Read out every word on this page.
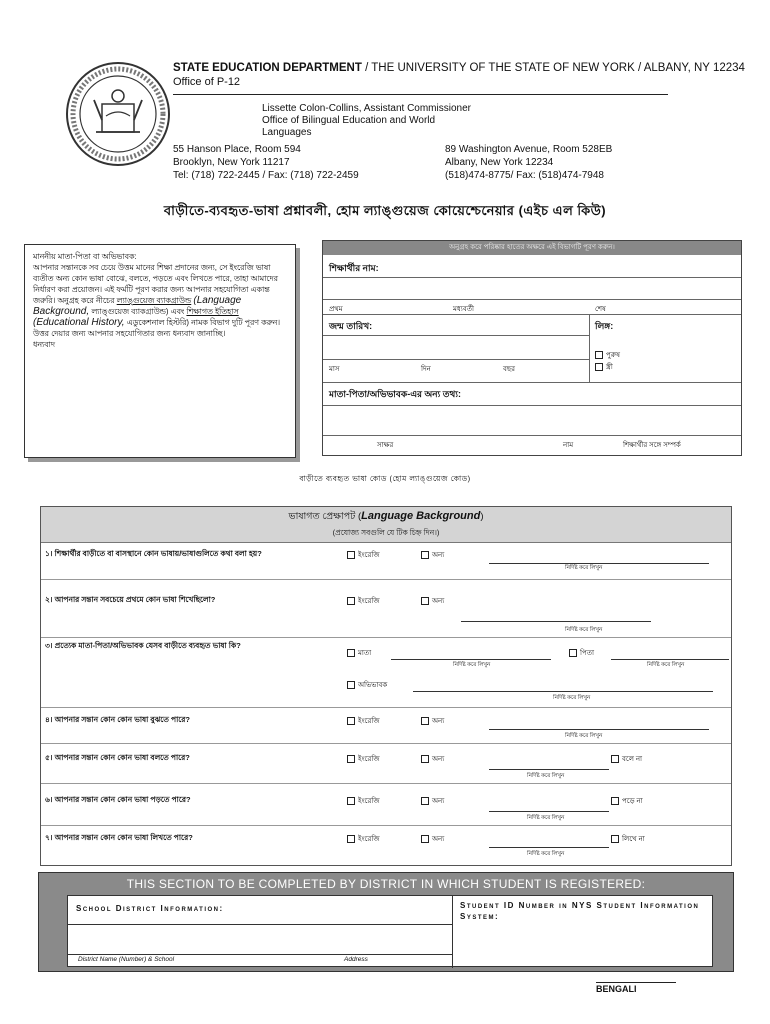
STATE EDUCATION DEPARTMENT / THE UNIVERSITY OF THE STATE OF NEW YORK / ALBANY, NY 12234
Office of P-12
Lissette Colon-Collins, Assistant Commissioner
Office of Bilingual Education and World
Languages
55 Hanson Place, Room 594
Brooklyn, New York 11217
Tel: (718) 722-2445 / Fax: (718) 722-2459
89 Washington Avenue, Room 528EB
Albany, New York 12234
(518)474-8775/ Fax: (518)474-7948
বাড়ীতে-ব্যবহৃত-ভাষা প্রশ্নাবলী, হোম ল্যাঙ্গুয়েজ কোয়েশ্চেনেয়ার (এইচ এল কিউ)
মাননীয় মাতা-পিতা বা অভিভাবক:
আপনার সন্তানকে সব চেয়ে উত্তম মানের শিক্ষা প্রদানের জন্য, সে ইংরেজি ভাষা ব্যতীত অন্য কোন ভাষা বোঝে, বলতে, পড়তে এবং লিখতে পারে, তাহা আমাদের নির্ধারণ করা প্রয়োজন। এই ফর্মটি পূরণ করার জন্য আপনার সহযোগিতা একান্ত জরুরি। অনুগ্রহ করে নীচের ল্যাঙ্গুয়েজ ব্যাকগ্রাউন্ড (Language Background, ল্যাঙ্গুয়েজ ব্যাকগ্রাউন্ড) এবং শিক্ষাগত ইতিহাস (Educational History, এডুকেশনাল হিস্টরি) নামক বিভাগ দুটি পূরণ করুন। উত্তর দেয়ার জন্য আপনার সহযোগিতার জন্য ধন্যবাদ জানাচ্ছি।
ধন্যবাদ
অনুগ্রহ করে পরিষ্কার হাতের অক্ষরে এই বিভাগটি পূরণ করুন।
শিক্ষার্থীর নাম:
প্রথম	মধ্যবর্তী	শেষ
জন্ম তারিখ:	লিঙ্গ:
মাস	দিন	বছর
পুরুষ
স্ত্রী
মাতা-পিতা/অভিভাবক-এর অন্য তথ্য:
সাক্ষর	নাম	শিক্ষার্থীর সঙ্গে সম্পর্ক
বাড়ীতে ব্যবহৃত ভাষা কোড (হোম ল্যাঙ্গুয়েজ কোড)
ভাষাগত প্রেক্ষাপট (Language Background)
(প্রযোজ্য সবগুলি যে টিক চিহ্ন দিন।)
১। শিক্ষার্থীর বাড়ীতে বা বাসস্থানে কোন ভাষায়/ভাষাগুলিতে কথা বলা হয়?	ইংরেজি	অন্য
নির্দিষ্ট করে লিখুন
২। আপনার সন্তান সবচেয়ে প্রথমে কোন ভাষা শিখেছিলো?	ইংরেজি	অন্য
নির্দিষ্ট করে লিখুন
৩। প্রত্যেক মাতা-পিতা/অভিভাবক যেসব বাড়ীতে ব্যবহৃত ভাষা কি?
মাতা
নির্দিষ্ট করে লিখুন
পিতা
নির্দিষ্ট করে লিখুন
অভিভাবক
নির্দিষ্ট করে লিখুন
৪। আপনার সন্তান কোন কোন ভাষা বুঝতে পারে?	ইংরেজি	অন্য
নির্দিষ্ট করে লিখুন
৫। আপনার সন্তান কোন কোন ভাষা বলতে পারে?	ইংরেজি	অন্য
নির্দিষ্ট করে লিখুন
বলে না
৬। আপনার সন্তান কোন কোন ভাষা পড়তে পারে?	ইংরেজি	অন্য
নির্দিষ্ট করে লিখুন
পড়ে না
৭। আপনার সন্তান কোন কোন ভাষা লিখতে পারে?	ইংরেজি	অন্য
নির্দিষ্ট করে লিখুন
লিখে না
THIS SECTION TO BE COMPLETED BY DISTRICT IN WHICH STUDENT IS REGISTERED:
School District Information:	Student ID Number in NYS Student Information System:
District Name (Number) & School	Address
BENGALI
